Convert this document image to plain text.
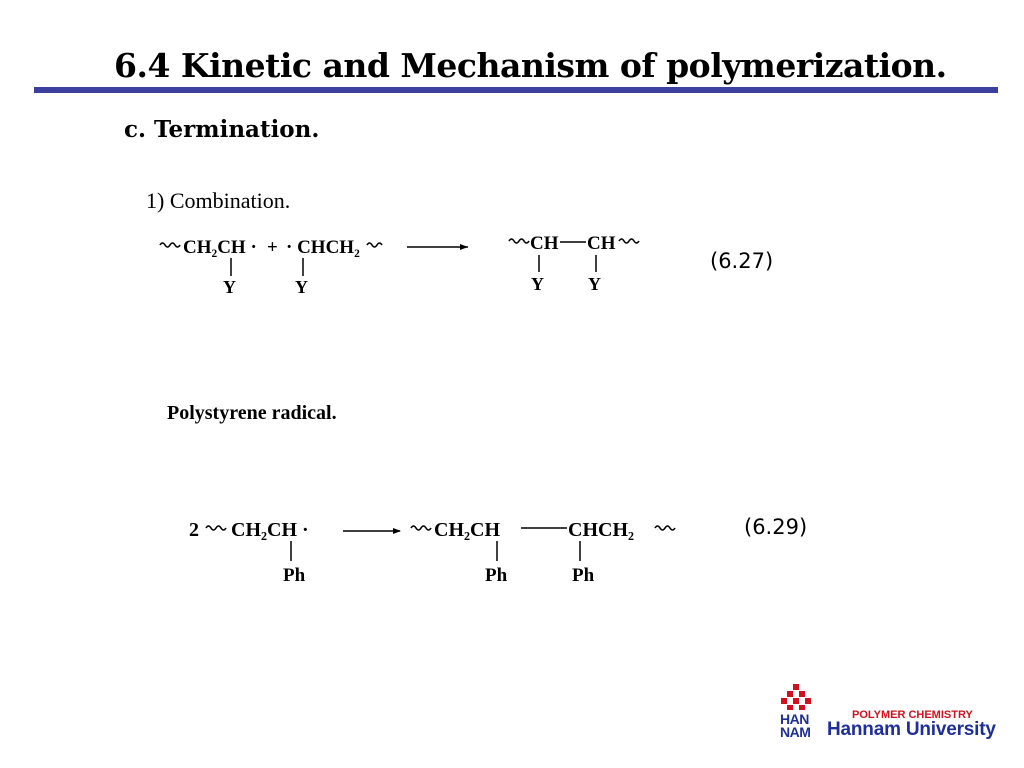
6.4 Kinetic and Mechanism of polymerization.
c. Termination.
1) Combination.
CH₂CH · + · CHCH₂
Y	Y
CH CH
Y Y
(6.27)
Polystyrene radical.
2 CH₂CH ·
Ph
CH₂CH	CHCH₂
Ph	Ph
(6.29)
HAN
NAM
POLYMER CHEMISTRY
Hannam University
